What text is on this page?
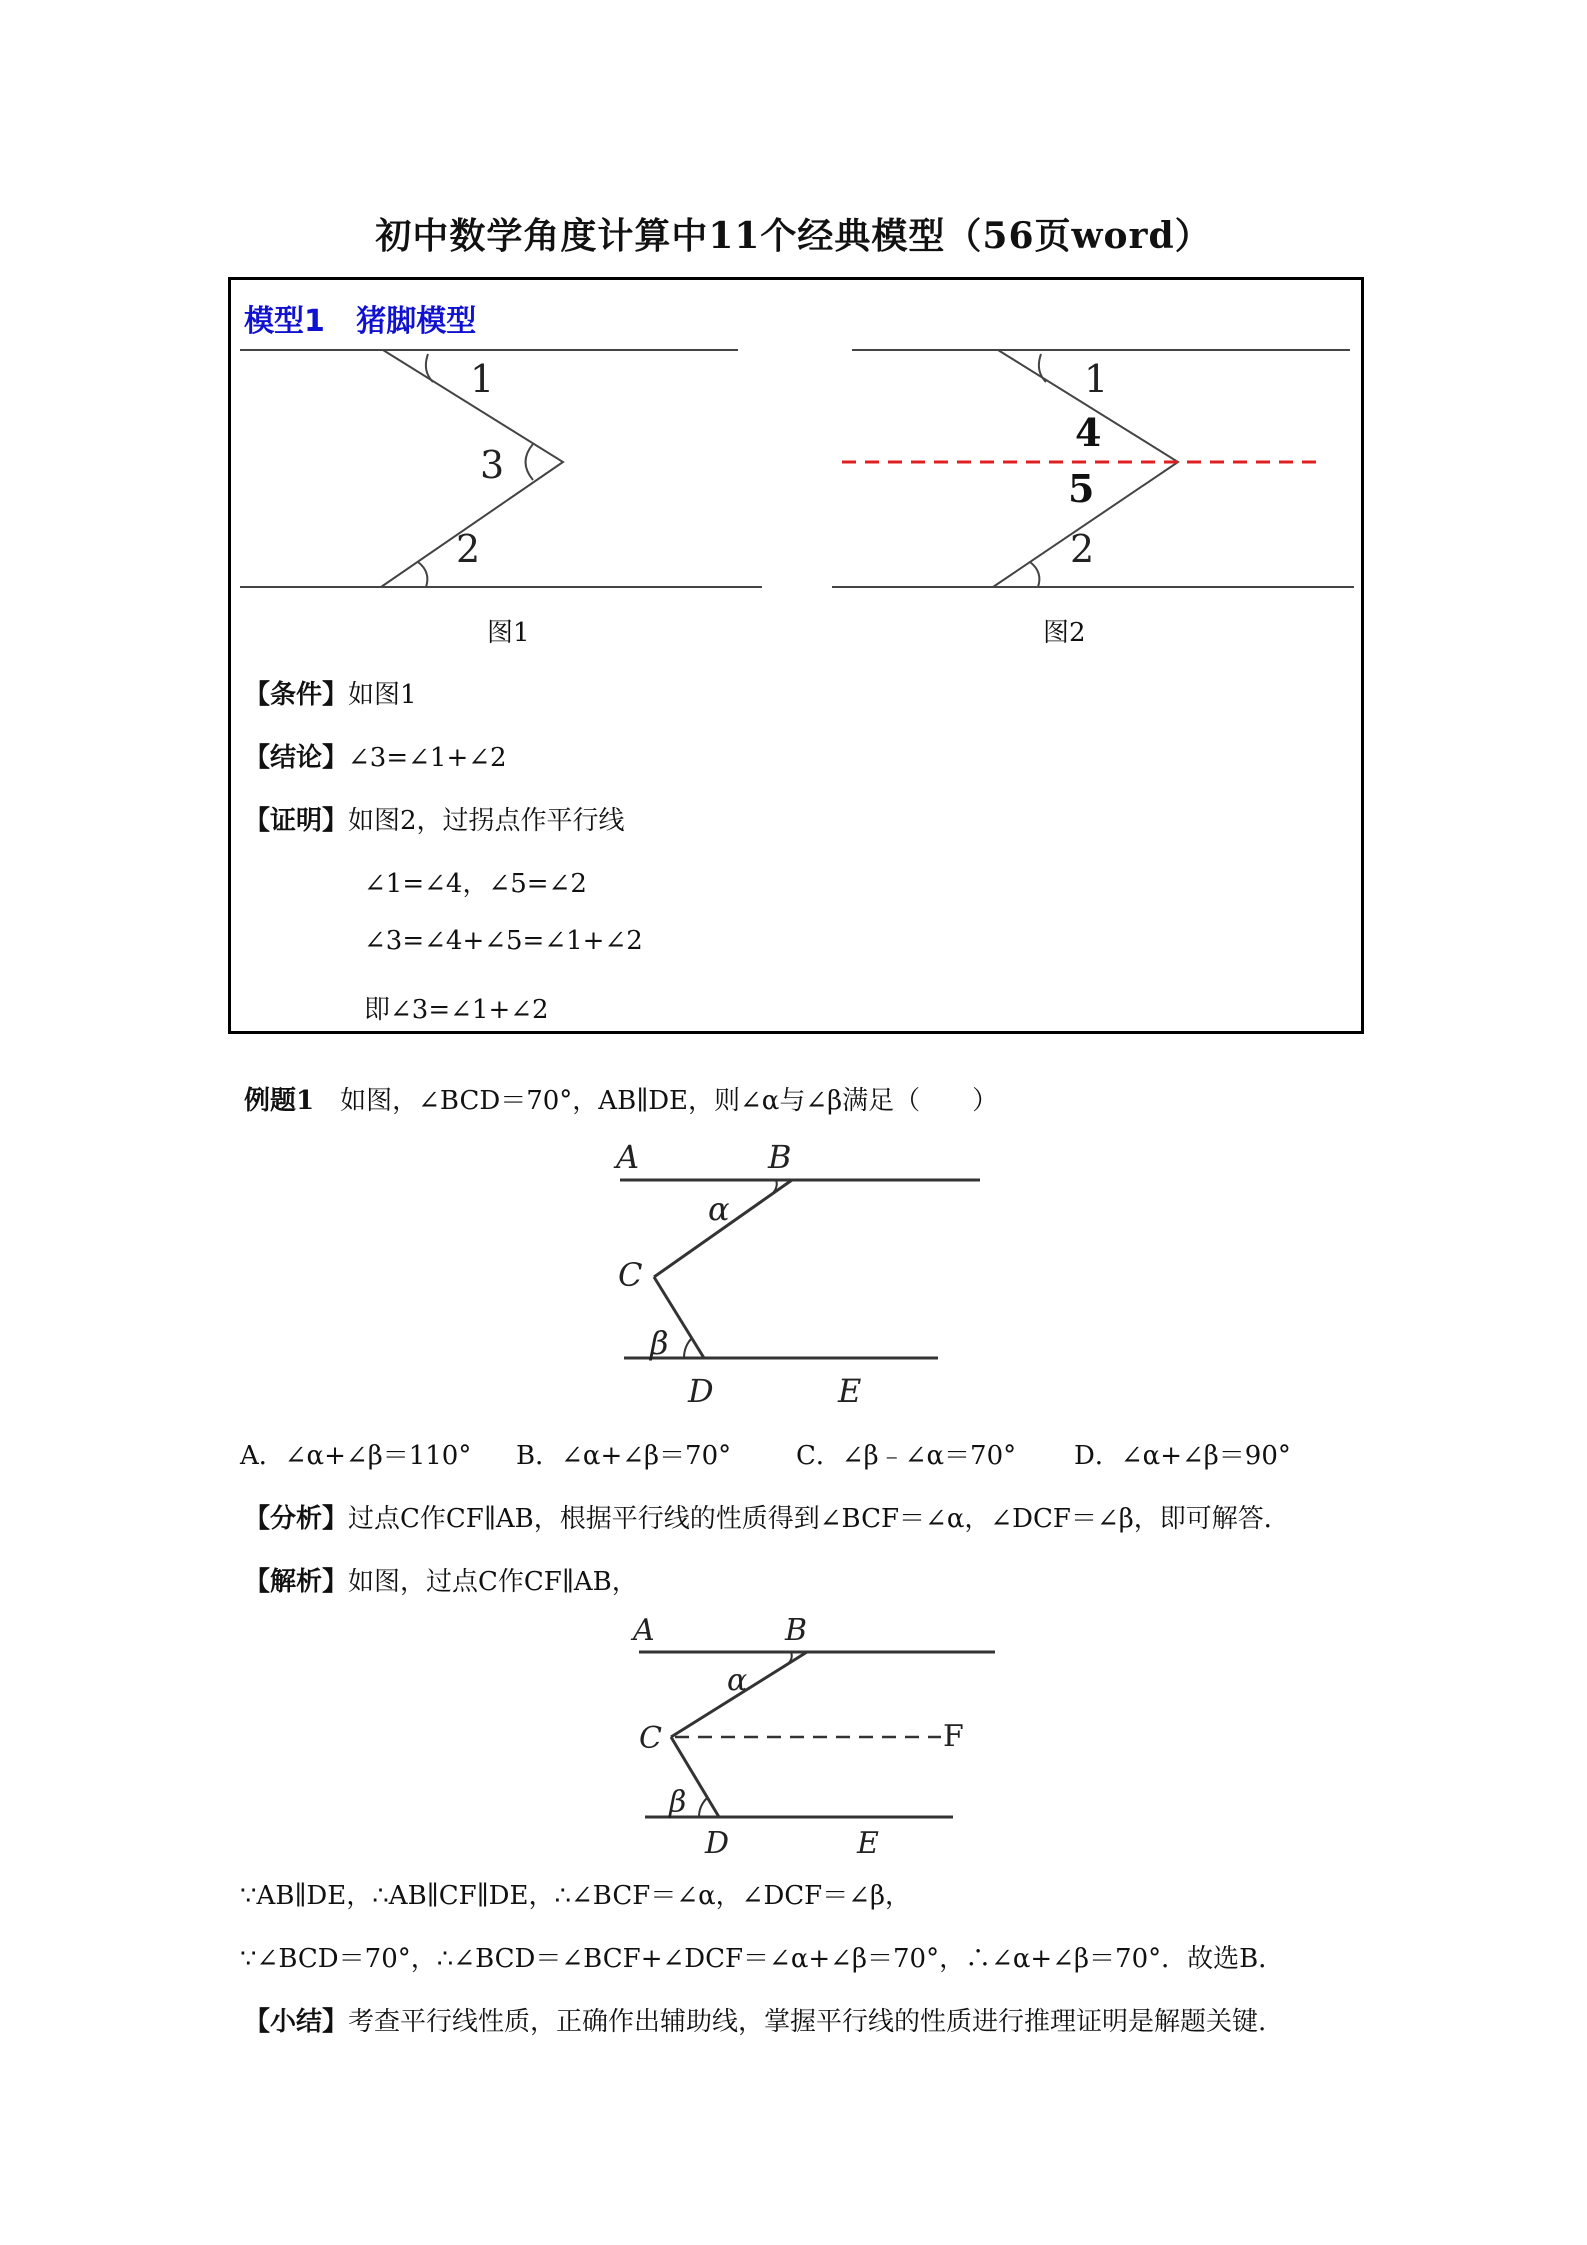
初中数学角度计算中11个经典模型（56页word）
模型1   猪脚模型
1
3
2
图1
1
4
5
2
图2
【条件】如图1
【结论】∠3=∠1+∠2
【证明】如图2，过拐点作平行线
∠1=∠4，∠5=∠2
∠3=∠4+∠5=∠1+∠2
即∠3=∠1+∠2
例题1　 如图，∠BCD＝70°，AB∥DE，则∠α与∠β满足（　　）
A	B
α
C
β
D	E
A．∠α+∠β＝110° B．∠α+∠β＝70° C．∠β﹣∠α＝70° D．∠α+∠β＝90°
【分析】过点C作CF∥AB，根据平行线的性质得到∠BCF＝∠α，∠DCF＝∠β，即可解答．
【解析】如图，过点C作CF∥AB，
A	B
α
C
β
D	E
F
∵AB∥DE，∴AB∥CF∥DE，∴∠BCF＝∠α，∠DCF＝∠β，
∵∠BCD＝70°，∴∠BCD＝∠BCF+∠DCF＝∠α+∠β＝70°，∴∠α+∠β＝70°．故选B．
【小结】考查平行线性质，正确作出辅助线，掌握平行线的性质进行推理证明是解题关键.
